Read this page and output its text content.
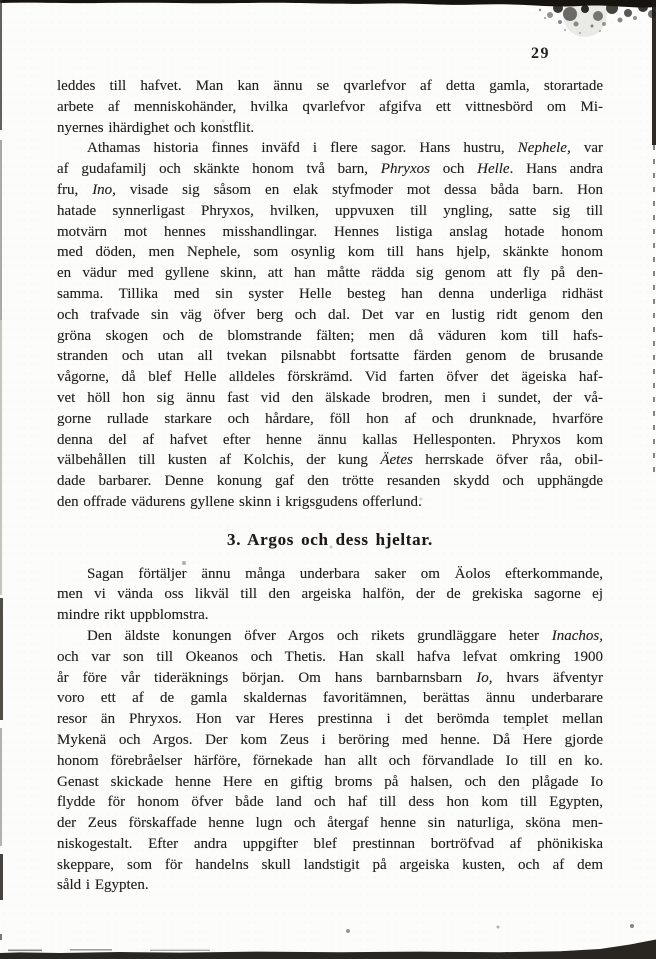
29
leddes till hafvet. Man kan ännu se qvarlefvor af detta gamla, storartade
arbete af menniskohänder, hvilka qvarlefvor afgifva ett vittnesbörd om Mi-
nyernes ihärdighet och konstflit.
Athamas historia finnes inväfd i flere sagor. Hans hustru, Nephele, var
af gudafamilj och skänkte honom två barn, Phryxos och Helle. Hans andra
fru, Ino, visade sig såsom en elak styfmoder mot dessa båda barn. Hon
hatade synnerligast Phryxos, hvilken, uppvuxen till yngling, satte sig till
motvärn mot hennes misshandlingar. Hennes listiga anslag hotade honom
med döden, men Nephele, som osynlig kom till hans hjelp, skänkte honom
en vädur med gyllene skinn, att han måtte rädda sig genom att fly på den-
samma. Tillika med sin syster Helle besteg han denna underliga ridhäst
och trafvade sin väg öfver berg och dal. Det var en lustig ridt genom den
gröna skogen och de blomstrande fälten; men då väduren kom till hafs-
stranden och utan all tvekan pilsnabbt fortsatte färden genom de brusande
vågorne, då blef Helle alldeles förskrämd. Vid farten öfver det ägeiska haf-
vet höll hon sig ännu fast vid den älskade brodren, men i sundet, der vå-
gorne rullade starkare och hårdare, föll hon af och drunknade, hvarföre
denna del af hafvet efter henne ännu kallas Hellesponten. Phryxos kom
välbehållen till kusten af Kolchis, der kung Äetes herrskade öfver råa, obil-
dade barbarer. Denne konung gaf den trötte resanden skydd och upphängde
den offrade vädurens gyllene skinn i krigsgudens offerlund.
3. Argos och dess hjeltar.
Sagan förtäljer ännu många underbara saker om Äolos efterkommande,
men vi vända oss likväl till den argeiska halfön, der de grekiska sagorne ej
mindre rikt uppblomstra.
Den äldste konungen öfver Argos och rikets grundläggare heter Inachos,
och var son till Okeanos och Thetis. Han skall hafva lefvat omkring 1900
år före vår tideräknings början. Om hans barnbarnsbarn Io, hvars äfventyr
voro ett af de gamla skaldernas favoritämnen, berättas ännu underbarare
resor än Phryxos. Hon var Heres prestinna i det berömda templet mellan
Mykenä och Argos. Der kom Zeus i beröring med henne. Då Here gjorde
honom förebråelser härföre, förnekade han allt och förvandlade Io till en ko.
Genast skickade henne Here en giftig broms på halsen, och den plågade Io
flydde för honom öfver både land och haf till dess hon kom till Egypten,
der Zeus förskaffade henne lugn och återgaf henne sin naturliga, sköna men-
niskogestalt. Efter andra uppgifter blef prestinnan bortröfvad af phönikiska
skeppare, som för handelns skull landstigit på argeiska kusten, och af dem
såld i Egypten.
